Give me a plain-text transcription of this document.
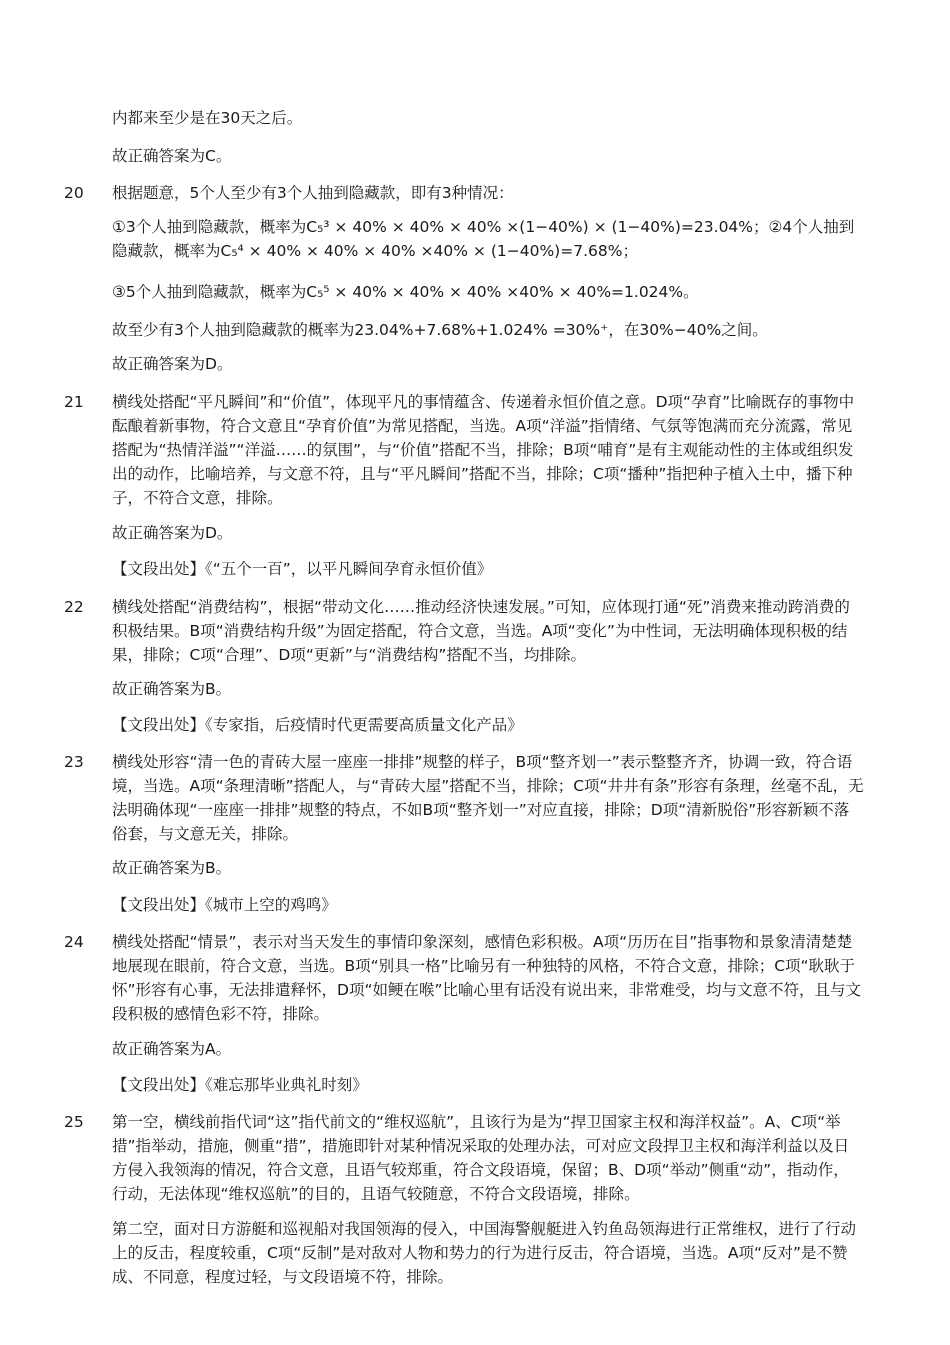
内都来至少是在30天之后。

故正确答案为C。

20 根据题意，5个人至少有3个人抽到隐藏款，即有3种情况：

①3个人抽到隐藏款，概率为C₅³ × 40% × 40% × 40% ×(1−40%) × (1−40%)=23.04%；②4个人抽到隐藏款，概率为C₅⁴ × 40% × 40% × 40% ×40% × (1−40%)=7.68%；

③5个人抽到隐藏款，概率为C₅⁵ × 40% × 40% × 40% ×40% × 40%=1.024%。

故至少有3个人抽到隐藏款的概率为23.04%+7.68%+1.024% =30%⁺，在30%−40%之间。

故正确答案为D。

21 横线处搭配“平凡瞬间”和“价值”，体现平凡的事情蕴含、传递着永恒价值之意。D项“孕育”比喻既存的事物中酝酿着新事物，符合文意且“孕育价值”为常见搭配，当选。A项“洋溢”指情绪、气氛等饱满而充分流露，常见搭配为“热情洋溢”“洋溢……的氛围”，与“价值”搭配不当，排除；B项“哺育”是有主观能动性的主体或组织发出的动作，比喻培养，与文意不符，且与“平凡瞬间”搭配不当，排除；C项“播种”指把种子植入土中，播下种子，不符合文意，排除。

故正确答案为D。

【文段出处】《“五个一百”，以平凡瞬间孕育永恒价值》

22 横线处搭配“消费结构”，根据“带动文化……推动经济快速发展。”可知，应体现打通“死”消费来推动跨消费的积极结果。B项“消费结构升级”为固定搭配，符合文意，当选。A项“变化”为中性词，无法明确体现积极的结果，排除；C项“合理”、D项“更新”与“消费结构”搭配不当，均排除。

故正确答案为B。

【文段出处】《专家指，后疫情时代更需要高质量文化产品》

23 横线处形容“清一色的青砖大屋一座座一排排”规整的样子，B项“整齐划一”表示整整齐齐，协调一致，符合语境，当选。A项“条理清晰”搭配人，与“青砖大屋”搭配不当，排除；C项“井井有条”形容有条理，丝毫不乱，无法明确体现“一座座一排排”规整的特点，不如B项“整齐划一”对应直接，排除；D项“清新脱俗”形容新颖不落俗套，与文意无关，排除。

故正确答案为B。

【文段出处】《城市上空的鸡鸣》

24 横线处搭配“情景”，表示对当天发生的事情印象深刻，感情色彩积极。A项“历历在目”指事物和景象清清楚楚地展现在眼前，符合文意，当选。B项“别具一格”比喻另有一种独特的风格，不符合文意，排除；C项“耿耿于怀”形容有心事，无法排遣释怀，D项“如鲠在喉”比喻心里有话没有说出来，非常难受，均与文意不符，且与文段积极的感情色彩不符，排除。

故正确答案为A。

【文段出处】《难忘那毕业典礼时刻》

25 第一空，横线前指代词“这”指代前文的“维权巡航”，且该行为是为“捍卫国家主权和海洋权益”。A、C项“举措”指举动，措施，侧重“措”，措施即针对某种情况采取的处理办法，可对应文段捍卫主权和海洋利益以及日方侵入我领海的情况，符合文意，且语气较郑重，符合文段语境，保留；B、D项“举动”侧重“动”，指动作，行动，无法体现“维权巡航”的目的，且语气较随意，不符合文段语境，排除。

第二空，面对日方游艇和巡视船对我国领海的侵入，中国海警舰艇进入钓鱼岛领海进行正常维权，进行了行动上的反击，程度较重，C项“反制”是对敌对人物和势力的行为进行反击，符合语境，当选。A项“反对”是不赞成、不同意，程度过轻，与文段语境不符，排除。
